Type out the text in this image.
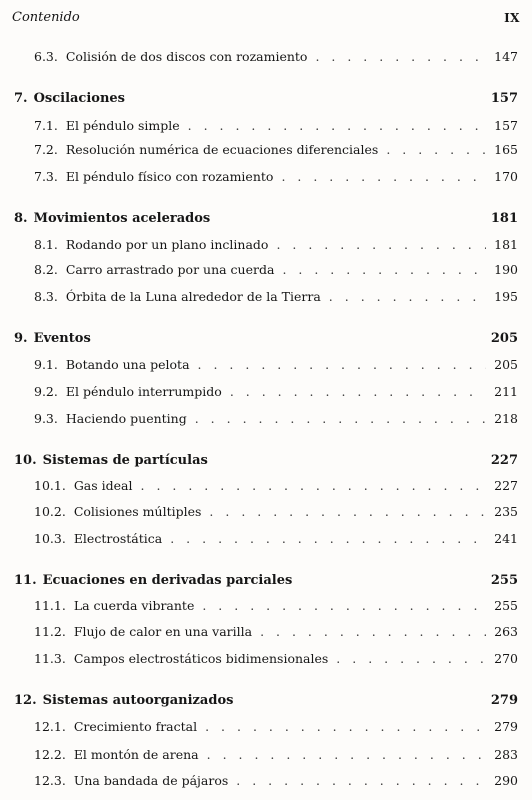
Contenido	IX
6.3. Colisión de dos discos con rozamiento . . .	147
7. Oscilaciones	157
7.1. El péndulo simple . . .	157
7.2. Resolución numérica de ecuaciones diferenciales . . .	165
7.3. El péndulo físico con rozamiento . . .	170
8. Movimientos acelerados	181
8.1. Rodando por un plano inclinado . . .	181
8.2. Carro arrastrado por una cuerda . . .	190
8.3. Órbita de la Luna alrededor de la Tierra . . .	195
9. Eventos	205
9.1. Botando una pelota . . .	205
9.2. El péndulo interrumpido . . .	211
9.3. Haciendo puenting . . .	218
10. Sistemas de partículas	227
10.1. Gas ideal . . .	227
10.2. Colisiones múltiples . . .	235
10.3. Electrostática . . .	241
11. Ecuaciones en derivadas parciales	255
11.1. La cuerda vibrante . . .	255
11.2. Flujo de calor en una varilla . . .	263
11.3. Campos electrostáticos bidimensionales . . .	270
12. Sistemas autoorganizados	279
12.1. Crecimiento fractal . . .	279
12.2. El montón de arena . . .	283
12.3. Una bandada de pájaros . . .	290
